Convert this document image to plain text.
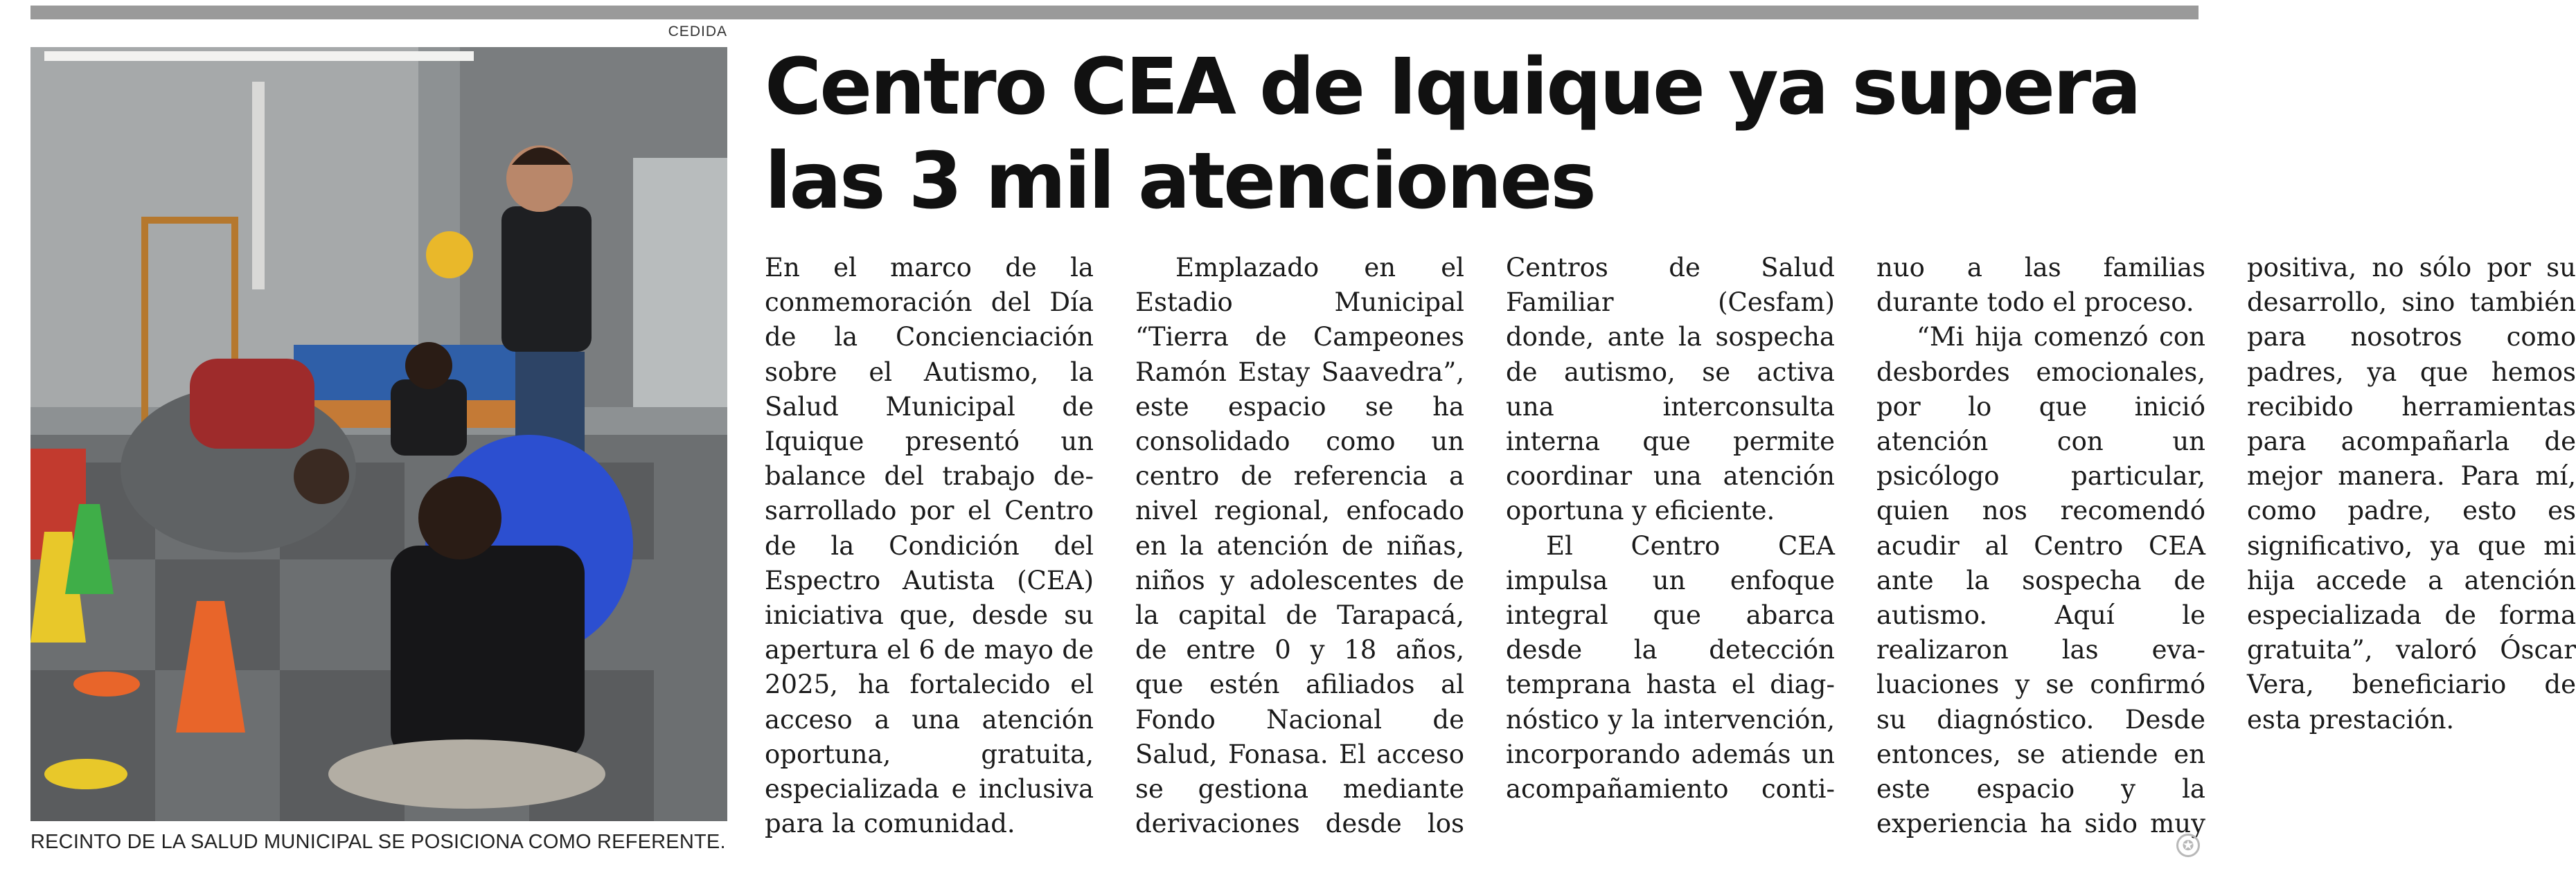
CEDIDA
RECINTO DE LA SALUD MUNICIPAL SE POSICIONA COMO REFERENTE.
Centro CEA de Iquique ya supera las 3 mil atenciones

En el marco de la conmemoración del Día de la Concienciación sobre el Autismo, la Salud Municipal de Iquique presentó un balance del trabajo desarrollado por el Centro de la Condición del Espectro Autista (CEA) iniciativa que, desde su apertura el 6 de mayo de 2025, ha fortalecido el acceso a una atención oportuna, gratuita, especializada e inclusiva para la comunidad.

Emplazado en el Estadio Municipal “Tierra de Campeones Ramón Estay Saavedra”, este espacio se ha consolidado como un centro de referencia a nivel regional, enfocado en la atención de niñas, niños y adolescentes de la capital de Tarapacá, de entre 0 y 18 años, que estén afiliados al Fondo Nacional de Salud, Fonasa. El acceso se gestiona mediante derivaciones desde los Centros de Salud Familiar (Cesfam) donde, ante la sospecha de autismo, se activa una interconsulta interna que permite coordinar una atención oportuna y eficiente.

El Centro CEA impulsa un enfoque integral que abarca desde la detección temprana hasta el diagnóstico y la intervención, incorporando además un acompañamiento continuo a las familias durante todo el proceso.

“Mi hija comenzó con desbordes emocionales, por lo que inició atención con un psicólogo particular, quien nos recomendó acudir al Centro CEA ante la sospecha de autismo. Aquí le realizaron las evaluaciones y se confirmó su diagnóstico. Desde entonces, se atiende en este espacio y la experiencia ha sido muy positiva, no sólo por su desarrollo, sino también para nosotros como padres, ya que hemos recibido herramientas para acompañarla de mejor manera. Para mí, como padre, esto es significativo, ya que mi hija accede a atención especializada de forma gratuita”, valoró Óscar Vera, beneficiario de esta prestación.

✪
